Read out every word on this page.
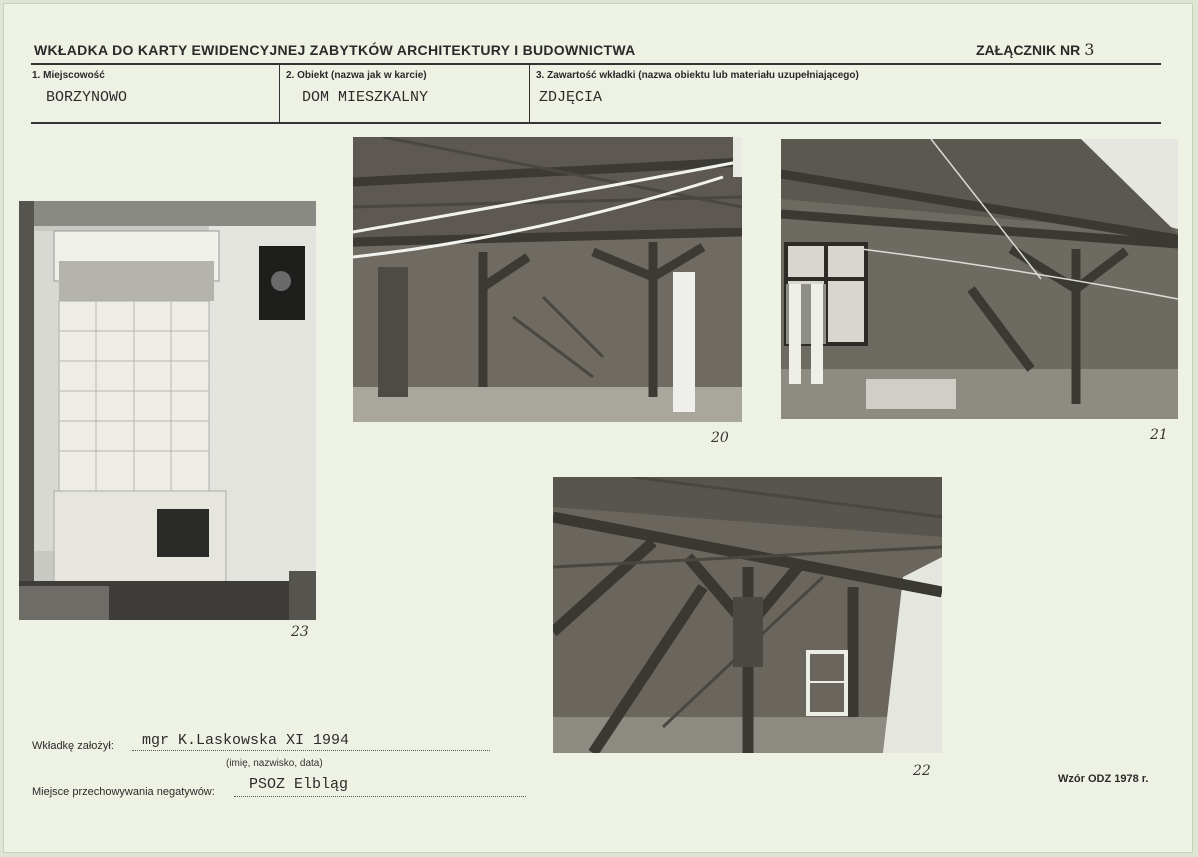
WKŁADKA DO KARTY EWIDENCYJNEJ ZABYTKÓW ARCHITEKTURY I BUDOWNICTWA	ZAŁĄCZNIK NR 3
1. Miejscowość
BORZYNOWO
2. Obiekt (nazwa jak w karcie)
DOM MIESZKALNY
3. Zawartość wkładki (nazwa obiektu lub materiału uzupełniającego)
ZDJĘCIA
23
20	21
22
Wkładkę założył: mgr K.Laskowska XI 1994
(imię, nazwisko, data)
Miejsce przechowywania negatywów: PSOZ Elbląg	Wzór ODZ 1978 r.
